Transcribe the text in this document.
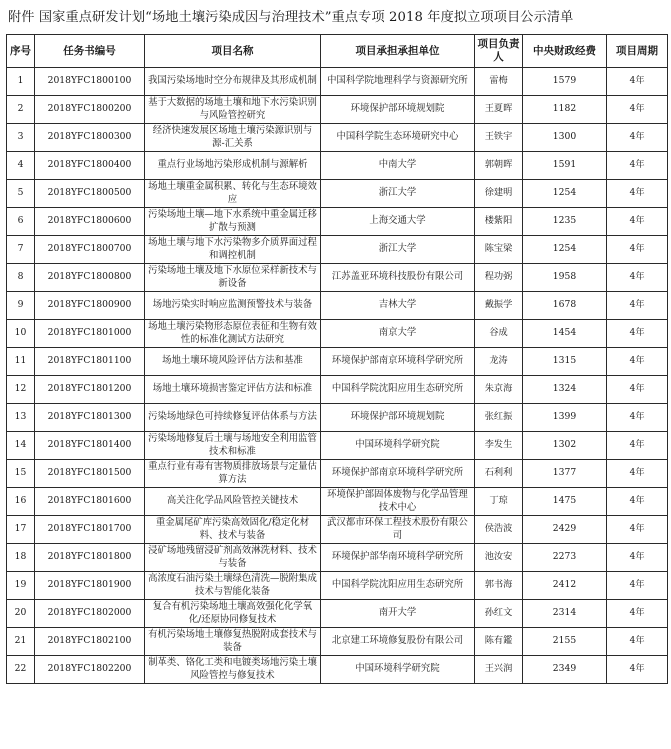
附件 国家重点研发计划“场地土壤污染成因与治理技术”重点专项 2018 年度拟立项项目公示清单
序号	任务书编号	项目名称	项目承担承担单位	项目负责人	中央财政经费	项目周期
1	2018YFC1800100	我国污染场地时空分布规律及其形成机制	中国科学院地理科学与资源研究所	雷梅	1579	4年
2	2018YFC1800200	基于大数据的场地土壤和地下水污染识别与风险管控研究	环境保护部环境规划院	王夏晖	1182	4年
3	2018YFC1800300	经济快速发展区场地土壤污染源识别与源-汇关系	中国科学院生态环境研究中心	王铁宇	1300	4年
4	2018YFC1800400	重点行业场地污染形成机制与源解析	中南大学	郭朝晖	1591	4年
5	2018YFC1800500	场地土壤重金属积累、转化与生态环境效应	浙江大学	徐建明	1254	4年
6	2018YFC1800600	污染场地土壤—地下水系统中重金属迁移扩散与预测	上海交通大学	楼紫阳	1235	4年
7	2018YFC1800700	场地土壤与地下水污染物多介质界面过程和调控机制	浙江大学	陈宝梁	1254	4年
8	2018YFC1800800	污染场地土壤及地下水原位采样新技术与新设备	江苏盖亚环境科技股份有限公司	程功弼	1958	4年
9	2018YFC1800900	场地污染实时响应监测预警技术与装备	吉林大学	戴振学	1678	4年
10	2018YFC1801000	场地土壤污染物形态原位表征和生物有效性的标准化测试方法研究	南京大学	谷成	1454	4年
11	2018YFC1801100	场地土壤环境风险评估方法和基准	环境保护部南京环境科学研究所	龙涛	1315	4年
12	2018YFC1801200	场地土壤环境损害鉴定评估方法和标准	中国科学院沈阳应用生态研究所	朱京海	1324	4年
13	2018YFC1801300	污染场地绿色可持续修复评估体系与方法	环境保护部环境规划院	张红振	1399	4年
14	2018YFC1801400	污染场地修复后土壤与场地安全利用监管技术和标准	中国环境科学研究院	李发生	1302	4年
15	2018YFC1801500	重点行业有毒有害物质排放场景与定量估算方法	环境保护部南京环境科学研究所	石利利	1377	4年
16	2018YFC1801600	高关注化学品风险管控关键技术	环境保护部固体废物与化学品管理技术中心	丁琼	1475	4年
17	2018YFC1801700	重金属尾矿库污染高效固化/稳定化材料、技术与装备	武汉都市环保工程技术股份有限公司	侯浩波	2429	4年
18	2018YFC1801800	浸矿场地残留浸矿剂高效淋洗材料、技术与装备	环境保护部华南环境科学研究所	池汝安	2273	4年
19	2018YFC1801900	高浓度石油污染土壤绿色清洗—脱附集成技术与智能化装备	中国科学院沈阳应用生态研究所	郭书海	2412	4年
20	2018YFC1802000	复合有机污染场地土壤高效强化化学氧化/还原协同修复技术	南开大学	孙红文	2314	4年
21	2018YFC1802100	有机污染场地土壤修复热脱附成套技术与装备	北京建工环境修复股份有限公司	陈有鑑	2155	4年
22	2018YFC1802200	制革类、铬化工类和电镀类场地污染土壤风险管控与修复技术	中国环境科学研究院	王兴润	2349	4年
